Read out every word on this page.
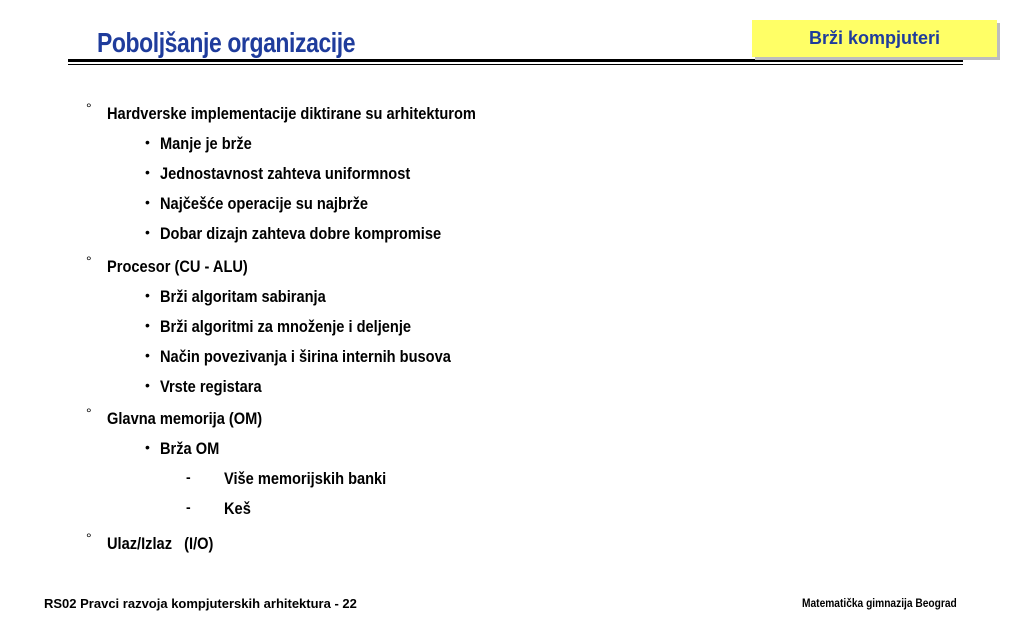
Poboljšanje organizacije	Brži kompjuteri
° Hardverske implementacije diktirane su arhitekturom
• Manje je brže
• Jednostavnost zahteva uniformnost
• Najčešće operacije su najbrže
• Dobar dizajn zahteva dobre kompromise
° Procesor (CU - ALU)
• Brži algoritam sabiranja
• Brži algoritmi za množenje i deljenje
• Način povezivanja i širina internih busova
• Vrste registara
° Glavna memorija (OM)
• Brža OM
- Više memorijskih banki
- Keš
° Ulaz/Izlaz   (I/O)
RS02 Pravci razvoja kompjuterskih arhitektura - 22	Matematička gimnazija Beograd
